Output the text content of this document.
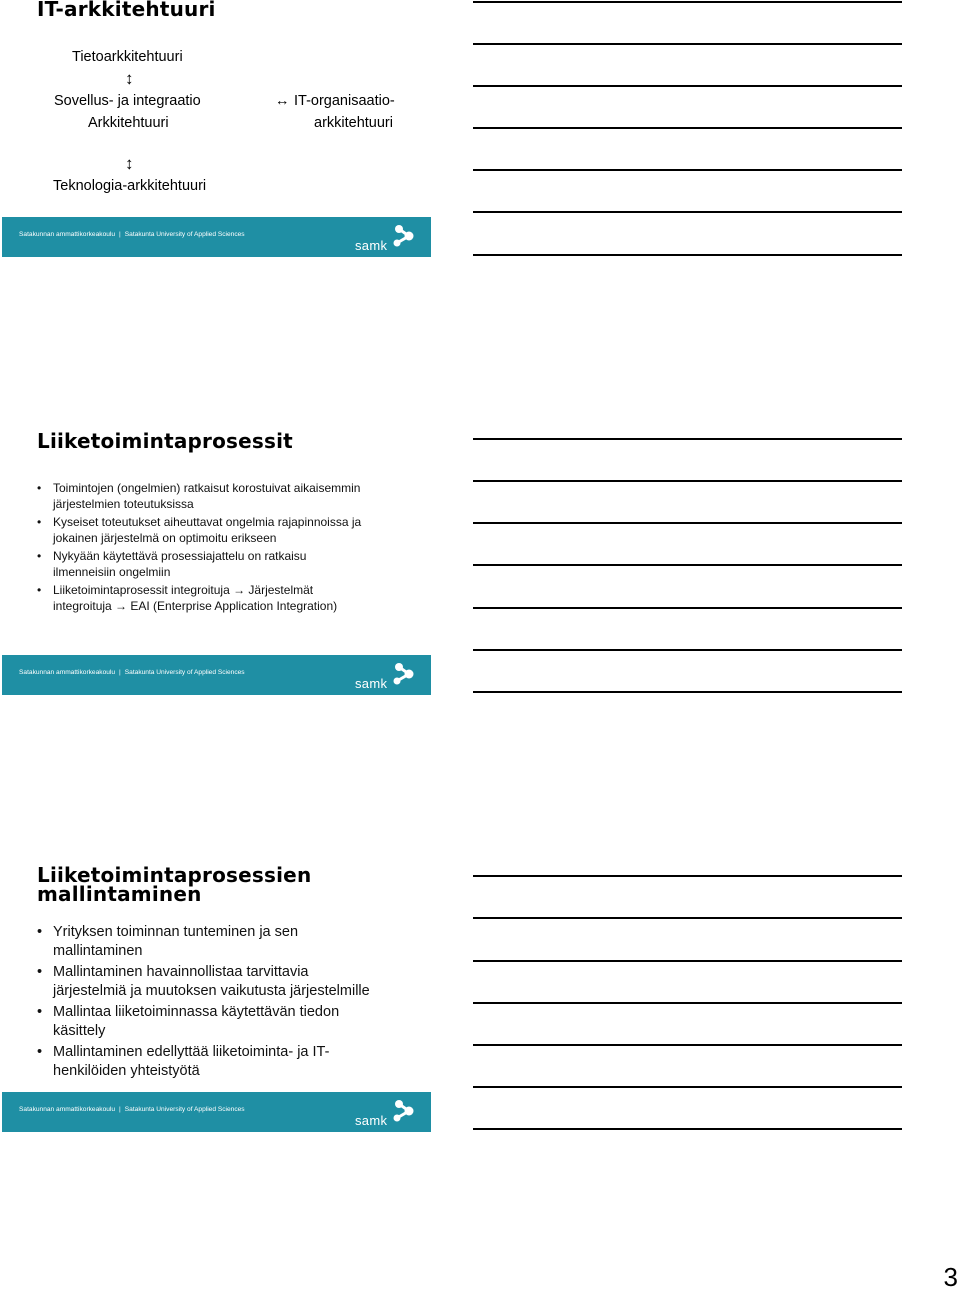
IT-arkkitehtuuri
Tietoarkkitehtuuri
↕
Sovellus- ja integraatio
Arkkitehtuuri
↔ IT-organisaatio-
arkkitehtuuri
↕
Teknologia-arkkitehtuuri
Satakunnan ammattikorkeakoulu | Satakunta University of Applied Sciences
samk
Liiketoimintaprosessit
• Toimintojen (ongelmien) ratkaisut korostuivat aikaisemmin
järjestelmien toteutuksissa
• Kyseiset toteutukset aiheuttavat ongelmia rajapinnoissa ja
jokainen järjestelmä on optimoitu erikseen
• Nykyään käytettävä prosessiajattelu on ratkaisu
ilmenneisiin ongelmiin
• Liiketoimintaprosessit integroituja → Järjestelmät
integroituja → EAI (Enterprise Application Integration)
Satakunnan ammattikorkeakoulu | Satakunta University of Applied Sciences
samk
Liiketoimintaprosessien
mallintaminen
• Yrityksen toiminnan tunteminen ja sen
mallintaminen
• Mallintaminen havainnollistaa tarvittavia
järjestelmiä ja muutoksen vaikutusta järjestelmille
• Mallintaa liiketoiminnassa käytettävän tiedon
käsittely
• Mallintaminen edellyttää liiketoiminta- ja IT-
henkilöiden yhteistyötä
Satakunnan ammattikorkeakoulu | Satakunta University of Applied Sciences
samk
3
